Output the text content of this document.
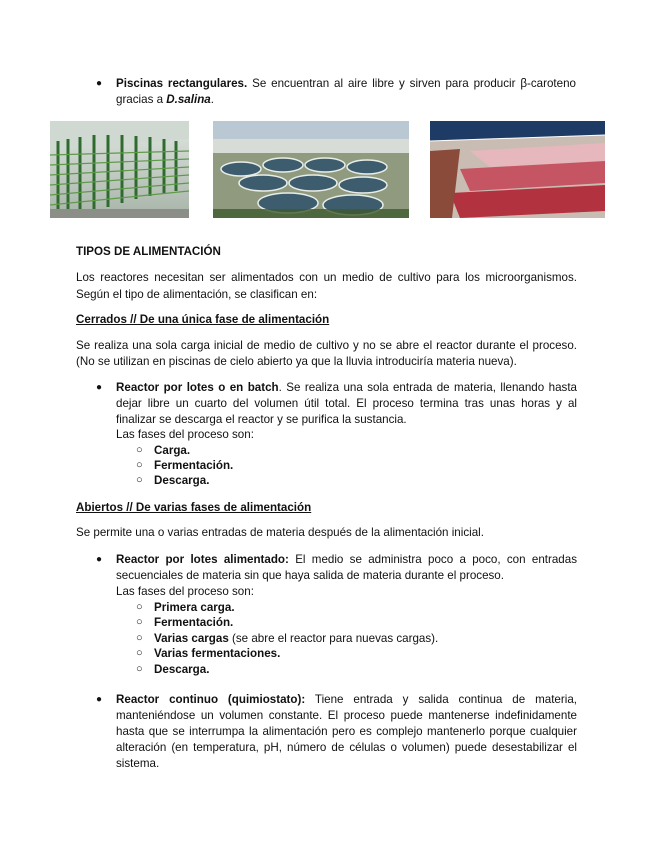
● Piscinas rectangulares. Se encuentran al aire libre y sirven para producir β-caroteno
gracias a D.salina.
TIPOS DE ALIMENTACIÓN
Los reactores necesitan ser alimentados con un medio de cultivo para los microorganismos.
Según el tipo de alimentación, se clasifican en:
Cerrados // De una única fase de alimentación
Se realiza una sola carga inicial de medio de cultivo y no se abre el reactor durante el proceso.
(No se utilizan en piscinas de cielo abierto ya que la lluvia introduciría materia nueva).
● Reactor por lotes o en batch. Se realiza una sola entrada de materia, llenando hasta
dejar libre un cuarto del volumen útil total. El proceso termina tras unas horas y al
finalizar se descarga el reactor y se purifica la sustancia.
Las fases del proceso son:
○ Carga.
○ Fermentación.
○ Descarga.
Abiertos // De varias fases de alimentación
Se permite una o varias entradas de materia después de la alimentación inicial.
● Reactor por lotes alimentado: El medio se administra poco a poco, con entradas
secuenciales de materia sin que haya salida de materia durante el proceso.
Las fases del proceso son:
○ Primera carga.
○ Fermentación.
○ Varias cargas (se abre el reactor para nuevas cargas).
○ Varias fermentaciones.
○ Descarga.
● Reactor continuo (quimiostato): Tiene entrada y salida continua de materia,
manteniéndose un volumen constante. El proceso puede mantenerse indefinidamente
hasta que se interrumpa la alimentación pero es complejo mantenerlo porque cualquier
alteración (en temperatura, pH, número de células o volumen) puede desestabilizar el
sistema.
